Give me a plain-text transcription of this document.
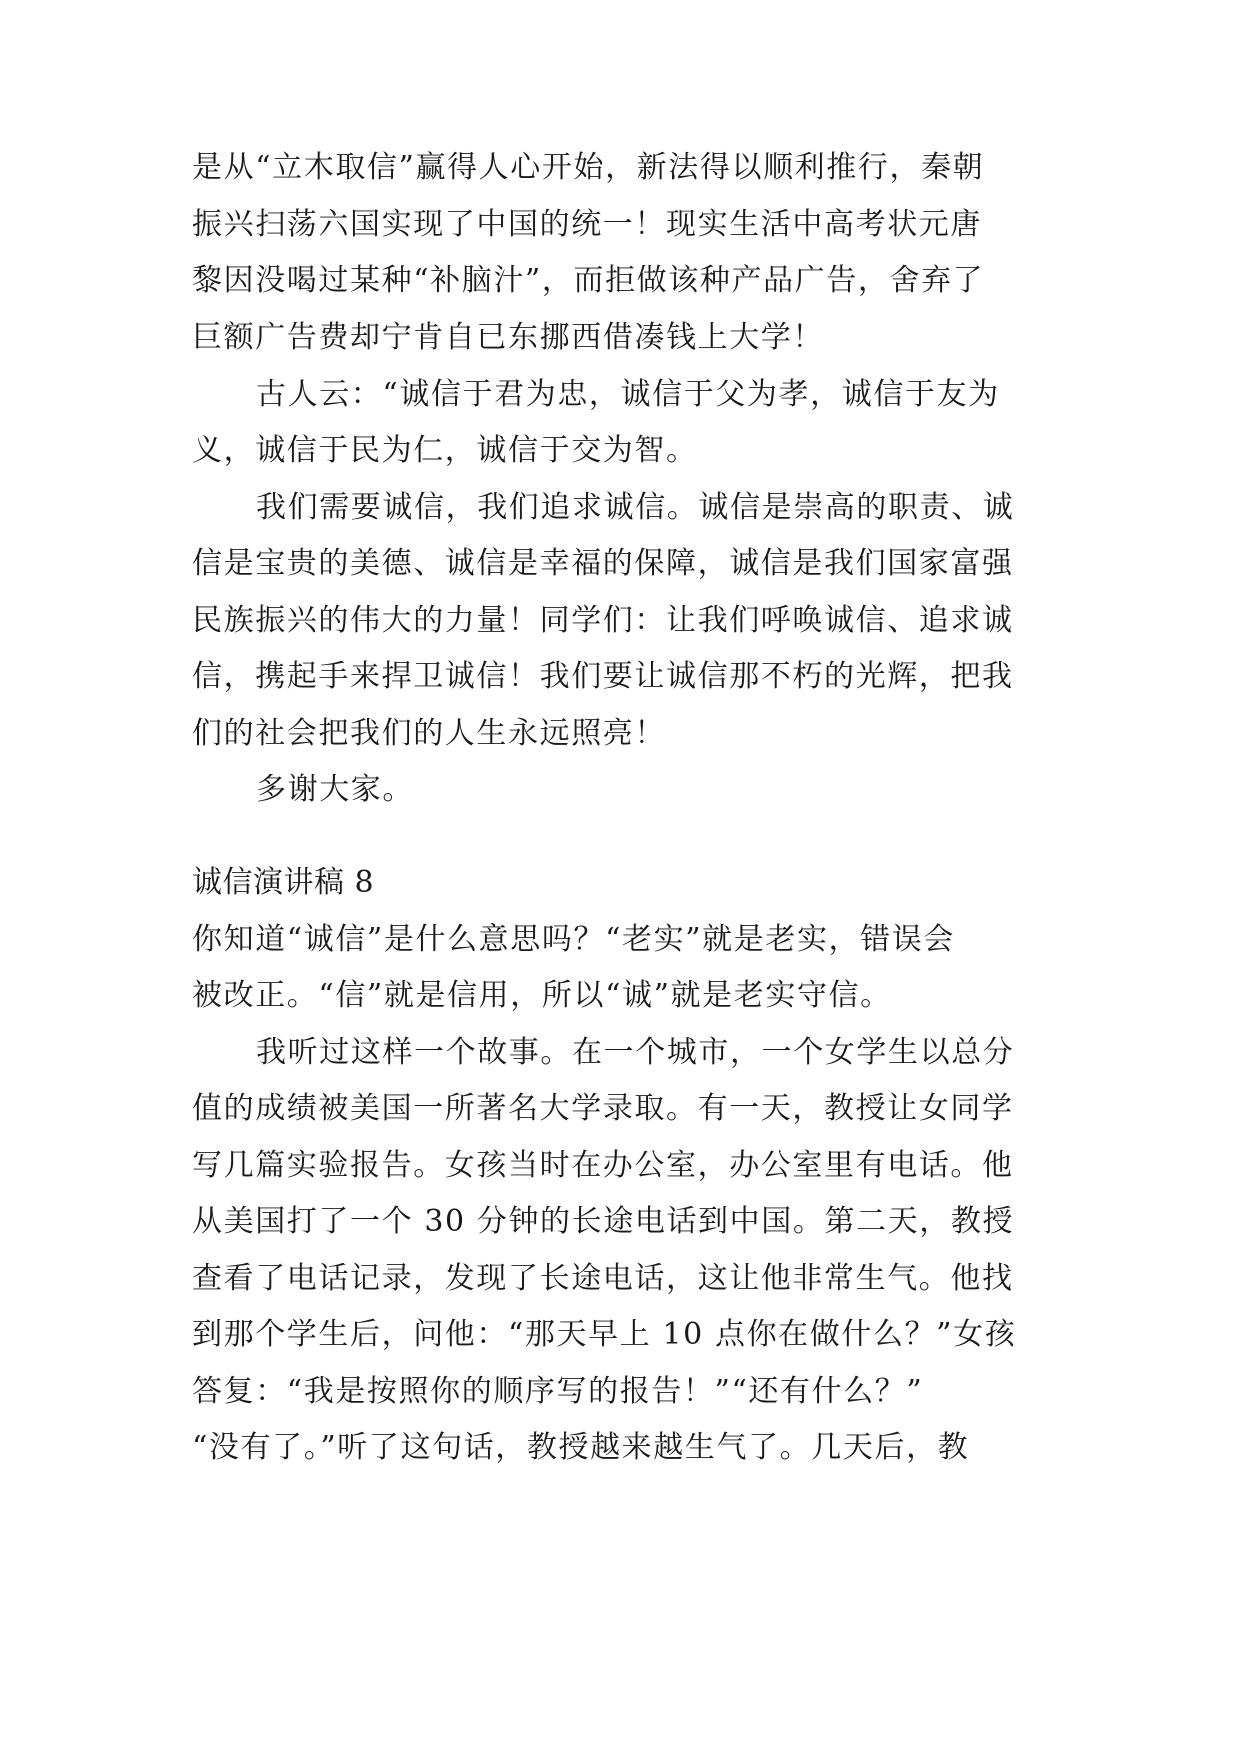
是从“立木取信”赢得人心开始，新法得以顺利推行，秦朝
振兴扫荡六国实现了中国的统一！现实生活中高考状元唐
黎因没喝过某种“补脑汁”，而拒做该种产品广告，舍弃了
巨额广告费却宁肯自已东挪西借凑钱上大学！
古人云：“诚信于君为忠，诚信于父为孝，诚信于友为
义，诚信于民为仁，诚信于交为智。
我们需要诚信，我们追求诚信。诚信是崇高的职责、诚
信是宝贵的美德、诚信是幸福的保障，诚信是我们国家富强
民族振兴的伟大的力量！同学们：让我们呼唤诚信、追求诚
信，携起手来捍卫诚信！我们要让诚信那不朽的光辉，把我
们的社会把我们的人生永远照亮！
多谢大家。
诚信演讲稿 8
你知道“诚信”是什么意思吗？“老实”就是老实，错误会
被改正。“信”就是信用，所以“诚”就是老实守信。
我听过这样一个故事。在一个城市，一个女学生以总分
值的成绩被美国一所著名大学录取。有一天，教授让女同学
写几篇实验报告。女孩当时在办公室，办公室里有电话。他
从美国打了一个 30 分钟的长途电话到中国。第二天，教授
查看了电话记录，发现了长途电话，这让他非常生气。他找
到那个学生后，问他：“那天早上 10 点你在做什么？”女孩
答复：“我是按照你的顺序写的报告！”“还有什么？”
“没有了。”听了这句话，教授越来越生气了。几天后，教
